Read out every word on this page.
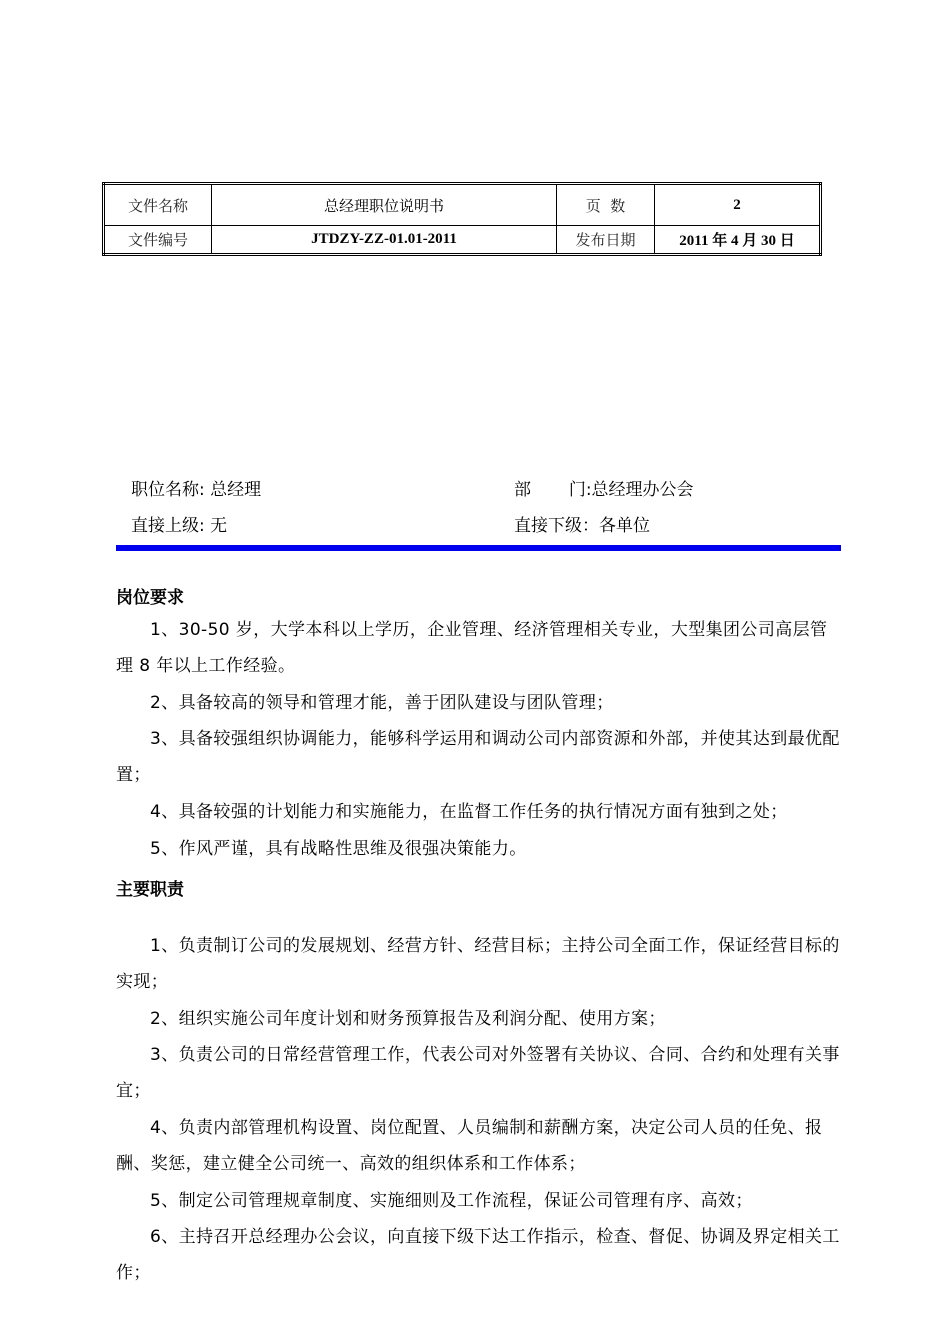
文件名称	总经理职位说明书	页  数	2
文件编号	JTDZY-ZZ-01.01-2011	发布日期	2011 年 4 月 30 日
职位名称: 总经理	部       门:总经理办公会
直接上级: 无	直接下级：各单位
岗位要求

1、30-50 岁，大学本科以上学历，企业管理、经济管理相关专业，大型集团公司高层管理 8 年以上工作经验。

2、具备较高的领导和管理才能，善于团队建设与团队管理；

3、具备较强组织协调能力，能够科学运用和调动公司内部资源和外部，并使其达到最优配置；

4、具备较强的计划能力和实施能力，在监督工作任务的执行情况方面有独到之处；

5、作风严谨，具有战略性思维及很强决策能力。

主要职责

1、负责制订公司的发展规划、经营方针、经营目标；主持公司全面工作，保证经营目标的实现；

2、组织实施公司年度计划和财务预算报告及利润分配、使用方案；

3、负责公司的日常经营管理工作，代表公司对外签署有关协议、合同、合约和处理有关事宜；

4、负责内部管理机构设置、岗位配置、人员编制和薪酬方案，决定公司人员的任免、报酬、奖惩，建立健全公司统一、高效的组织体系和工作体系；

5、制定公司管理规章制度、实施细则及工作流程，保证公司管理有序、高效；

6、主持召开总经理办公会议，向直接下级下达工作指示，检查、督促、协调及界定相关工作；
